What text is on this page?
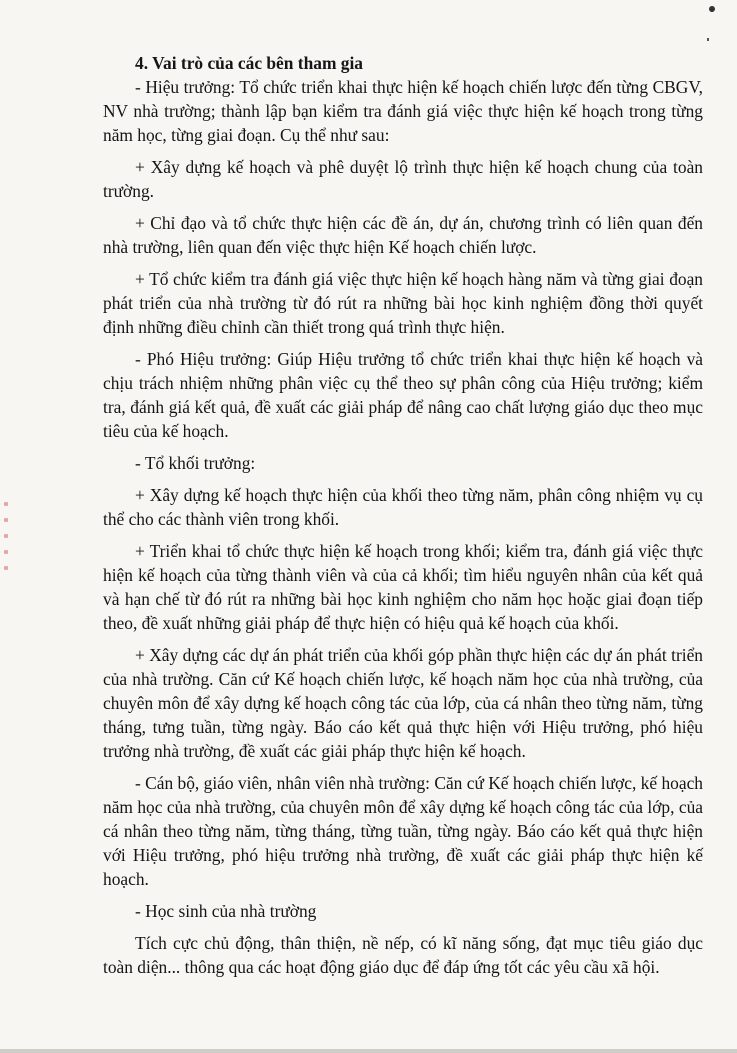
4. Vai trò của các bên tham gia

- Hiệu trưởng: Tổ chức triển khai thực hiện kế hoạch chiến lược đến từng CBGV, NV nhà trường; thành lập bạn kiểm tra đánh giá việc thực hiện kế hoạch trong từng năm học, từng giai đoạn. Cụ thể như sau:

+ Xây dựng kế hoạch và phê duyệt lộ trình thực hiện kế hoạch chung của toàn trường.

+ Chỉ đạo và tổ chức thực hiện các đề án, dự án, chương trình có liên quan đến nhà trường, liên quan đến việc thực hiện Kế hoạch chiến lược.

+ Tổ chức kiểm tra đánh giá việc thực hiện kế hoạch hàng năm và từng giai đoạn phát triển của nhà trường từ đó rút ra những bài học kinh nghiệm đồng thời quyết định những điều chỉnh cần thiết trong quá trình thực hiện.

- Phó Hiệu trưởng: Giúp Hiệu trưởng tổ chức triển khai thực hiện kế hoạch và chịu trách nhiệm những phân việc cụ thể theo sự phân công của Hiệu trưởng; kiểm tra, đánh giá kết quả, đề xuất các giải pháp để nâng cao chất lượng giáo dục theo mục tiêu của kế hoạch.

- Tổ khối trưởng:

+ Xây dựng kế hoạch thực hiện của khối theo từng năm, phân công nhiệm vụ cụ thể cho các thành viên trong khối.

+ Triển khai tổ chức thực hiện kế hoạch trong khối; kiểm tra, đánh giá việc thực hiện kế hoạch của từng thành viên và của cả khối; tìm hiểu nguyên nhân của kết quả và hạn chế từ đó rút ra những bài học kinh nghiệm cho năm học hoặc giai đoạn tiếp theo, đề xuất những giải pháp để thực hiện có hiệu quả kế hoạch của khối.

+ Xây dựng các dự án phát triển của khối góp phần thực hiện các dự án phát triển của nhà trường. Căn cứ Kế hoạch chiến lược, kế hoạch năm học của nhà trường, của chuyên môn để xây dựng kế hoạch công tác của lớp, của cá nhân theo từng năm, từng tháng, tưng tuần, từng ngày. Báo cáo kết quả thực hiện với Hiệu trưởng, phó hiệu trưởng nhà trường, đề xuất các giải pháp thực hiện kế hoạch.

- Cán bộ, giáo viên, nhân viên nhà trường: Căn cứ Kế hoạch chiến lược, kế hoạch năm học của nhà trường, của chuyên môn để xây dựng kế hoạch công tác của lớp, của cá nhân theo từng năm, từng tháng, từng tuần, từng ngày. Báo cáo kết quả thực hiện với Hiệu trưởng, phó hiệu trưởng nhà trường, đề xuất các giải pháp thực hiện kế hoạch.

- Học sinh của nhà trường

Tích cực chủ động, thân thiện, nề nếp, có kĩ năng sống, đạt mục tiêu giáo dục toàn diện... thông qua các hoạt động giáo dục để đáp ứng tốt các yêu cầu xã hội.
